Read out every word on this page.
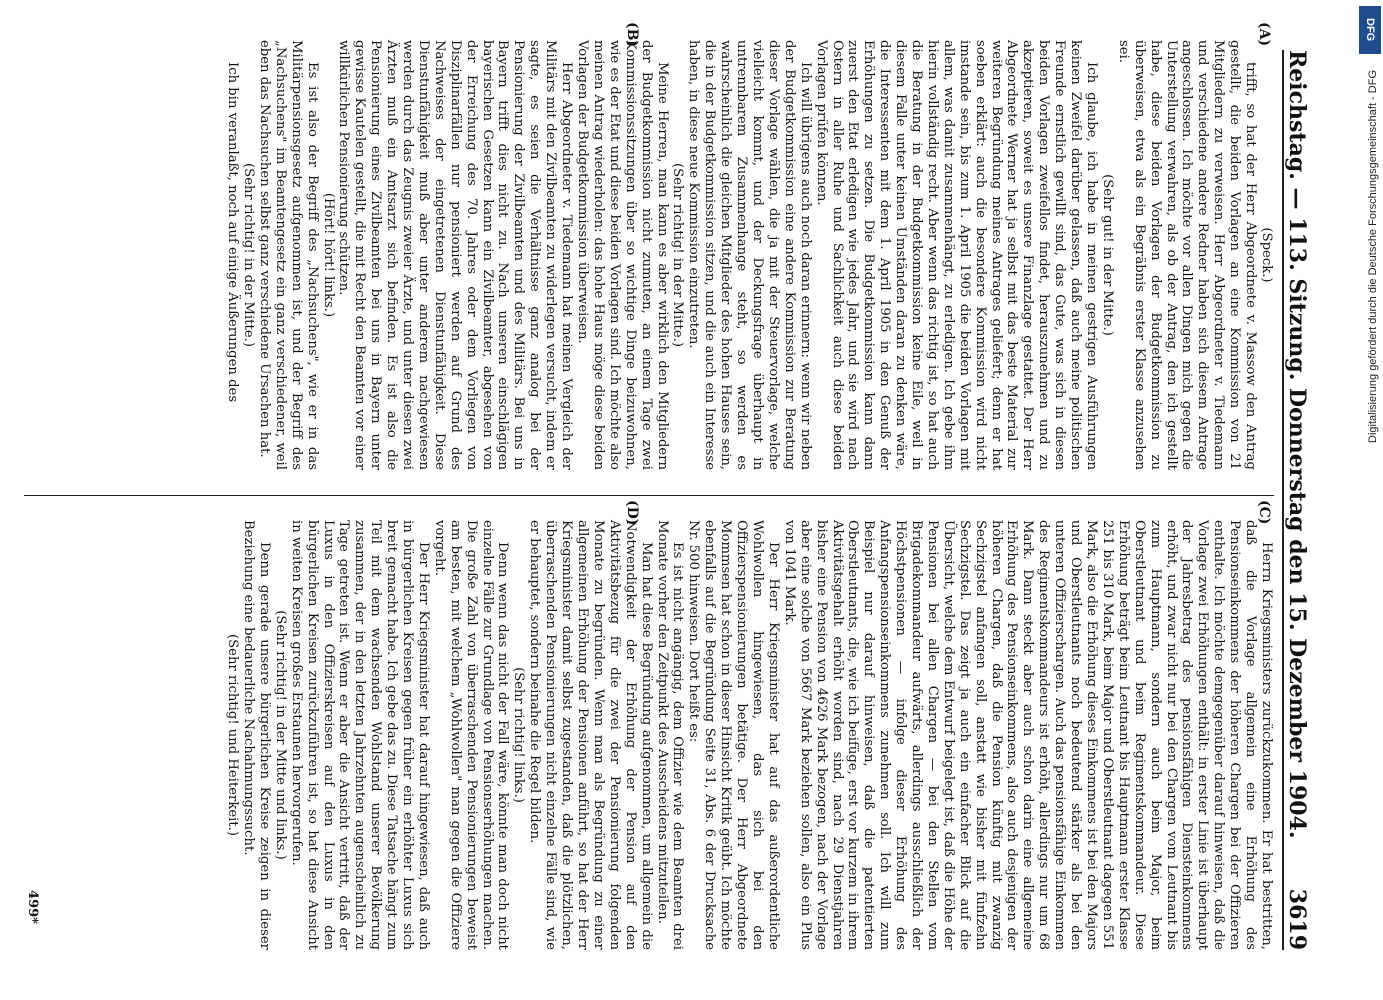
Reichstag. — 113. Sitzung. Donnerstag den 15. Dezember 1904.
3619

(Speck.)

trifft, so hat der Herr Abgeordnete v. Massow den Antrag gestellt, die beiden Vorlagen an eine Kommission von 21 Mitgliedern zu verweisen. Herr Abgeordneter v. Tiedemann und verschiedene andere Redner haben sich diesem Antrage angeschlossen. Ich möchte vor allen Dingen mich gegen die Unterstellung verwahren, als ob der Antrag, den ich gestellt habe, diese beiden Vorlagen der Budgetkommission zu überweisen, etwa als ein Begräbnis erster Klasse anzusehen sei.

(Sehr gut! in der Mitte.)

Ich glaube, ich habe in meinen gestrigen Ausführungen keinen Zweifel darüber gelassen, daß auch meine politischen Freunde ernstlich gewillt sind, das Gute, was sich in diesen beiden Vorlagen zweifellos findet, herauszunehmen und zu akzeptieren, soweit es unsere Finanzlage gestattet. Der Herr Abgeordnete Werner hat ja selbst mit das beste Material zur weiteren Begründung meines Antrages geliefert; denn er hat soeben erklärt: auch die besondere Kommission wird nicht imstande sein, bis zum 1. April 1905 die beiden Vorlagen mit allem, was damit zusammenhängt, zu erledigen. Ich gebe ihm hierin vollständig recht. Aber wenn das richtig ist, so hat auch die Beratung in der Budgetkommission keine Eile, weil in diesem Falle unter keinen Umständen daran zu denken wäre, die Interessenten mit dem 1. April 1905 in den Genuß der Erhöhungen zu setzen. Die Budgetkommission kann dann zuerst den Etat erledigen wie jedes Jahr, und sie wird nach Ostern in aller Ruhe und Sachlichkeit auch diese beiden Vorlagen prüfen können.

Ich will übrigens auch noch daran erinnern: wenn wir neben der Budgetkommission eine andere Kommission zur Beratung dieser Vorlage wählen, die ja mit der Steuervorlage, welche vielleicht kommt, und der Deckungsfrage überhaupt in untrennbarem Zusammenhange steht, so werden es wahrscheinlich die gleichen Mitglieder des hohen Hauses sein, die in der Budgetkommission sitzen, und die auch ein Interesse haben, in diese neue Kommission einzutreten.

(Sehr richtig! in der Mitte.)

Meine Herren, man kann es aber wirklich den Mitgliedern der Budgetkommission nicht zumuten, an einem Tage zwei Kommissionssitzungen über so wichtige Dinge beizuwohnen, wie es der Etat und diese beiden Vorlagen sind. Ich möchte also meinen Antrag wiederholen: das hohe Haus möge diese beiden Vorlagen der Budgetkommission überweisen.

Herr Abgeordneter v. Tiedemann hat meinen Vergleich der Militärs mit den Zivilbeamten zu widerlegen versucht, indem er sagte, es seien die Verhältnisse ganz analog bei der Pensionierung der Zivilbeamten und des Militärs. Bei uns in Bayern trifft dies nicht zu. Nach unseren einschlägigen bayerischen Gesetzen kann ein Zivilbeamter, abgesehen von der Erreichung des 70. Jahres oder dem Vorliegen von Disziplinarfällen nur pensioniert werden auf Grund des Nachweises der eingetretenen Dienstunfähigkeit. Diese Dienstunfähigkeit muß aber unter anderem nachgewiesen werden durch das Zeugnis zweier Ärzte, und unter diesen zwei Ärzten muß ein Amtsarzt sich befinden. Es ist also die Pensionierung eines Zivilbeamten bei uns in Bayern unter gewisse Kautelen gestellt, die mit Recht den Beamten vor einer willkürlichen Pensionierung schützen.

(Hört! hört! links.)

Es ist also der Begriff des „Nachsuchens", wie er in das Militärpensionsgesetz aufgenommen ist, und der Begriff des „Nachsuchens" im Beamtengesetz ein ganz verschiedener, weil eben das Nachsuchen selbst ganz verschiedene Ursachen hat.

(Sehr richtig! in der Mitte.)

Ich bin veranlaßt, noch auf einige Äußerungen des

Herrn Kriegsministers zurückzukommen. Er hat bestritten, daß die Vorlage allgemein eine Erhöhung des Pensionseinkommens der höheren Chargen bei der Offizieren enthalte. Ich möchte demgegenüber darauf hinweisen, daß die Vorlage zwei Erhöhungen enthält: in erster Linie ist überhaupt der Jahresbetrag des pensionsfähigen Diensteinkommens erhöht, und zwar nicht nur bei den Chargen vom Leutnant bis zum Hauptmann, sondern auch beim Major, beim Oberstleutnant und beim Regimentskommandeur. Diese Erhöhung beträgt beim Leutnant bis Hauptmann erster Klasse 251 bis 310 Mark, beim Major und Oberstleutnant dagegen 551 Mark, also die Erhöhung dieses Einkommens ist bei den Majors und Oberstleutnants noch bedeutend stärker als bei den unteren Offizierschargen. Auch das pensionsfähige Einkommen des Regimentskommandeurs ist erhöht, allerdings nur um 68 Mark. Dann steckt aber auch schon darin eine allgemeine Erhöhung des Pensionseinkommens, also auch desjenigen der höheren Chargen, daß die Pension künftig mit zwanzig Sechzigstel anfangen soll, anstatt wie bisher mit fünfzehn Sechzigstel. Das zeigt ja auch ein einfacher Blick auf die Übersicht, welche dem Entwurf beigelegt ist, daß die Höhe der Pensionen bei allen Chargen — bei den Stellen vom Brigadekommandeur aufwärts, allerdings ausschließlich der Höchstpensionen — infolge dieser Erhöhung des Anfangspensionseinkommens zunehmen soll. Ich will zum Beispiel nur darauf hinweisen, daß die patentierten Oberstleutnants, die, wie ich beifüge, erst vor kurzem in ihrem Aktivitätsgehalt erhöht worden sind, nach 29 Dienstjahren bisher eine Pension von 4626 Mark bezogen, nach der Vorlage aber eine solche von 5667 Mark beziehen sollen, also ein Plus von 1041 Mark.

Der Herr Kriegsminister hat auf das außerordentliche Wohlwollen hingewiesen, das sich bei den Offizierspensionierungen betätige. Der Herr Abgeordnete Mommsen hat schon in dieser Hinsicht Kritik geübt. Ich möchte ebenfalls auf die Begründung Seite 31, Abs. 6 der Drucksache Nr. 500 hinweisen. Dort heißt es:

Es ist nicht angängig, dem Offizier wie dem Beamten drei Monate vorher den Zeitpunkt des Ausscheidens mitzuteilen.

Man hat diese Begründung aufgenommen, um allgemein die Notwendigkeit der Erhöhung der Pension auf den Aktivitätsbezug für die zwei der Pensionierung folgenden Monate zu begründen. Wenn man als Begründung zu einer allgemeinen Erhöhung der Pensionen anführt, so hat der Herr Kriegsminister damit selbst zugestanden, daß die plötzlichen, überraschenden Pensionierungen nicht einzelne Fälle sind, wie er behauptet, sondern beinahe die Regel bilden.

(Sehr richtig! links.)

Denn wenn das nicht der Fall wäre, könnte man doch nicht einzelne Fälle zur Grundlage von Pensionserhöhungen machen. Die große Zahl von überraschenden Pensionierungen beweist am besten, mit welchem „Wohlwollen" man gegen die Offiziere vorgeht.

Der Herr Kriegsminister hat darauf hingewiesen, daß auch in bürgerlichen Kreisen gegen früher ein erhöhter Luxus sich breit gemacht habe. Ich gebe das zu. Diese Tatsache hängt zum Teil mit dem wachsenden Wohlstand unserer Bevölkerung zusammen, der in den letzten Jahrzehnten augenscheinlich zu Tage getreten ist. Wenn er aber die Ansicht vertritt, daß der Luxus in den Offizierskreisen auf den Luxus in den bürgerlichen Kreisen zurückzuführen ist, so hat diese Ansicht in weiten Kreisen großes Erstaunen hervorgerufen.

(Sehr richtig! in der Mitte und links.)

Denn gerade unsere bürgerlichen Kreise zeigen in dieser Beziehung eine bedauerliche Nachahmungssucht.

(Sehr richtig! und Heiterkeit.)

(A)
(B)
(C)
(D)
499*
DFG
Digitalisierung gefördert durch die Deutsche Forschungsgemeinschaft - DFG
